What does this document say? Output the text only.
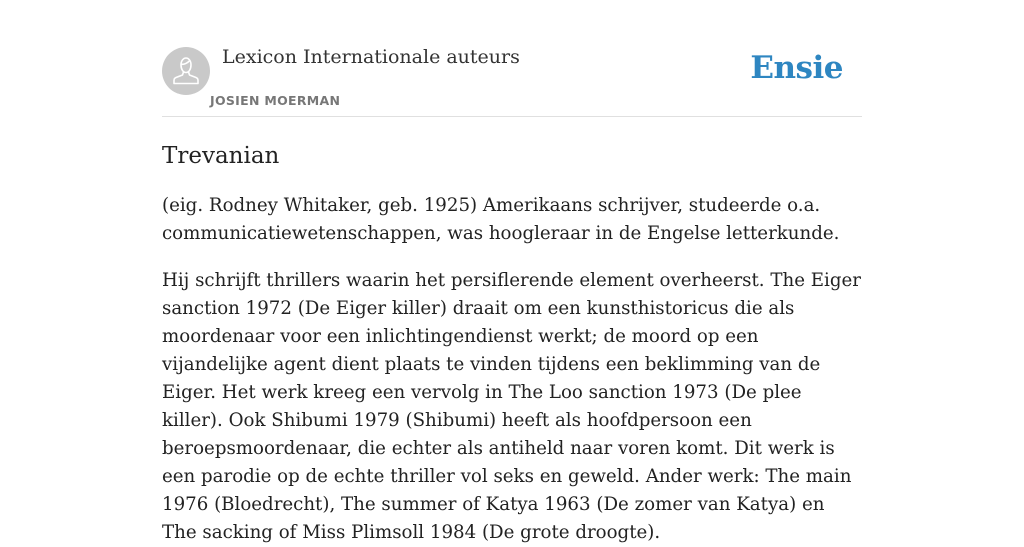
Lexicon Internationale auteurs
JOSIEN MOERMAN
Ensie
Trevanian

(eig. Rodney Whitaker, geb. 1925) Amerikaans schrijver, studeerde o.a. communicatiewetenschappen, was hoogleraar in de Engelse letterkunde.

Hij schrijft thrillers waarin het persiflerende element overheerst. The Eiger sanction 1972 (De Eiger killer) draait om een kunsthistoricus die als moordenaar voor een inlichtingendienst werkt; de moord op een vijandelijke agent dient plaats te vinden tijdens een beklimming van de Eiger. Het werk kreeg een vervolg in The Loo sanction 1973 (De plee killer). Ook Shibumi 1979 (Shibumi) heeft als hoofdpersoon een beroepsmoordenaar, die echter als antiheld naar voren komt. Dit werk is een parodie op de echte thriller vol seks en geweld. Ander werk: The main 1976 (Bloedrecht), The summer of Katya 1963 (De zomer van Katya) en The sacking of Miss Plimsoll 1984 (De grote droogte).
